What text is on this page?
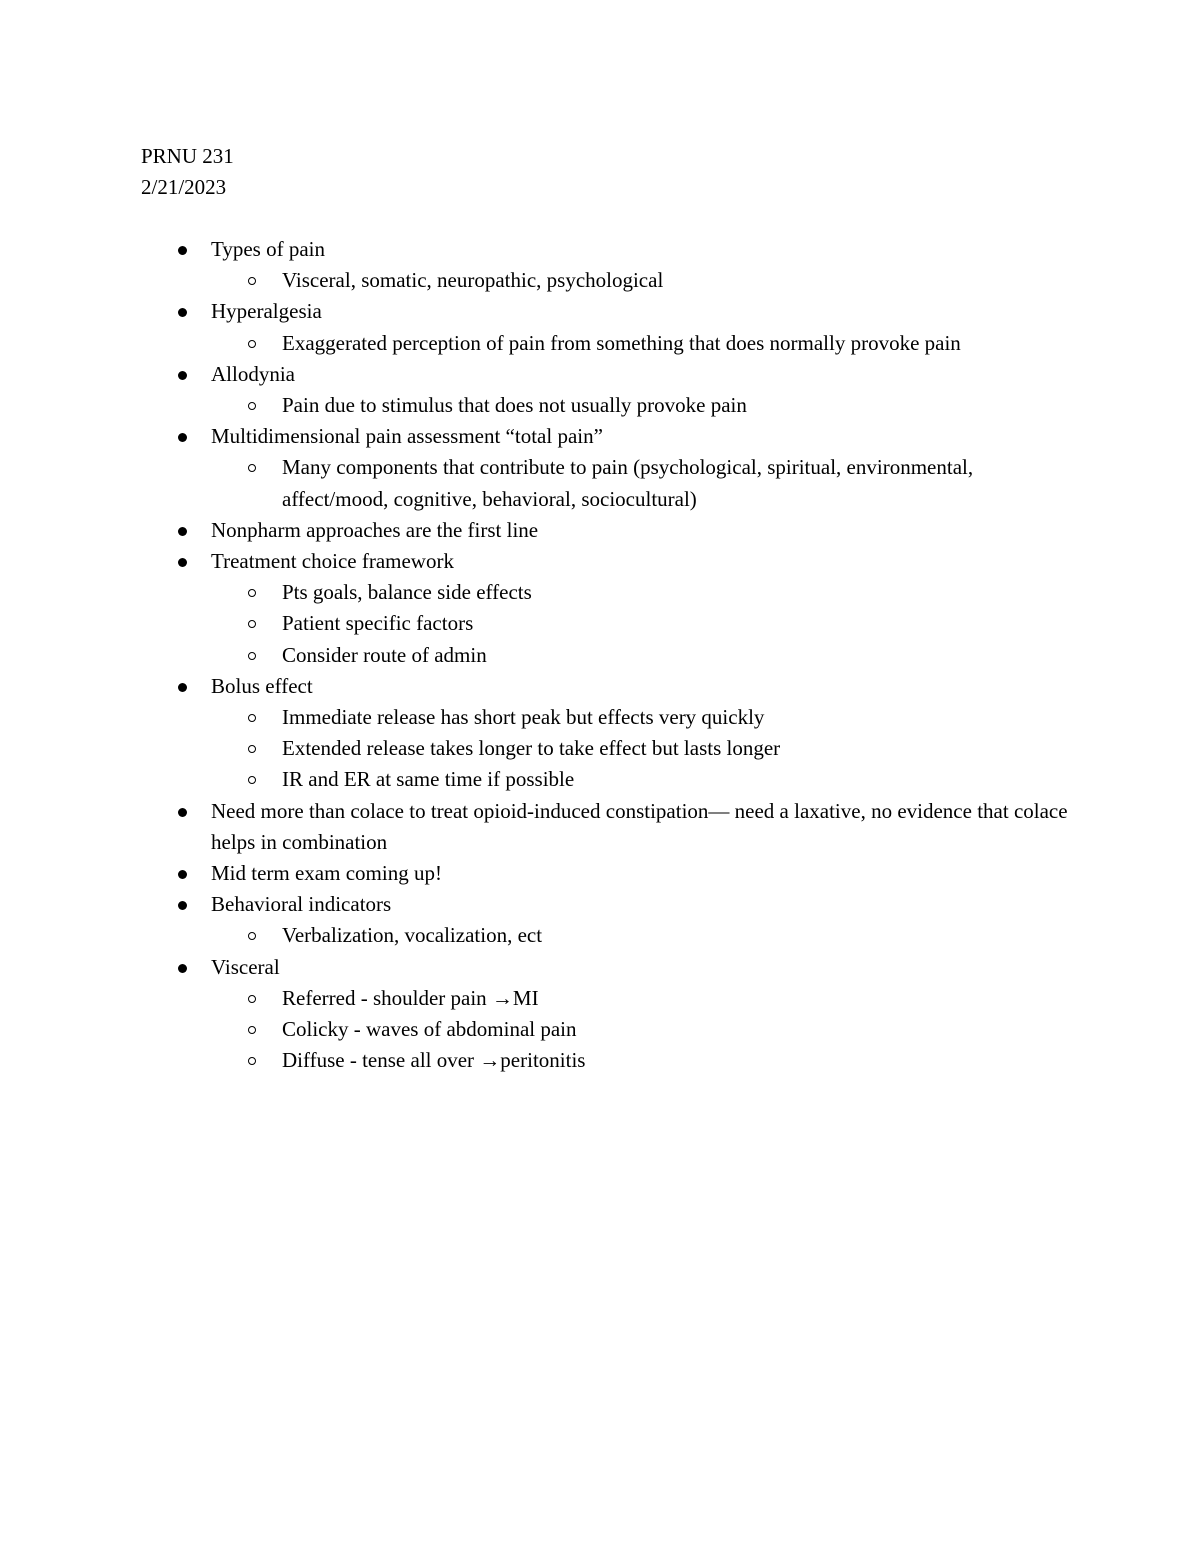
PRNU 231
2/21/2023
Types of pain
Visceral, somatic, neuropathic, psychological
Hyperalgesia
Exaggerated perception of pain from something that does normally provoke pain
Allodynia
Pain due to stimulus that does not usually provoke pain
Multidimensional pain assessment “total pain”
Many components that contribute to pain (psychological, spiritual, environmental, affect/mood, cognitive, behavioral, sociocultural)
Nonpharm approaches are the first line
Treatment choice framework
Pts goals, balance side effects
Patient specific factors
Consider route of admin
Bolus effect
Immediate release has short peak but effects very quickly
Extended release takes longer to take effect but lasts longer
IR and ER at same time if possible
Need more than colace to treat opioid-induced constipation— need a laxative, no evidence that colace helps in combination
Mid term exam coming up!
Behavioral indicators
Verbalization, vocalization, ect
Visceral
Referred - shoulder pain →MI
Colicky - waves of abdominal pain
Diffuse - tense all over →peritonitis
